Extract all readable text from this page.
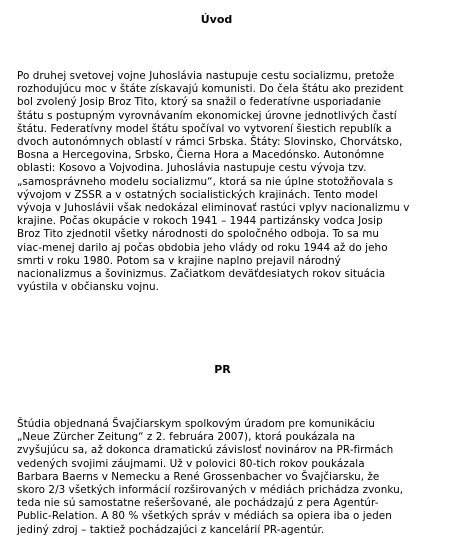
Úvod

Po druhej svetovej vojne Juhoslávia nastupuje cestu socializmu, pretože
rozhodujúcu moc v štáte získavajú komunisti. Do čela štátu ako prezident
bol zvolený Josip Broz Tito, ktorý sa snažil o federatívne usporiadanie
štátu s postupným vyrovnávaním ekonomickej úrovne jednotlivých častí
štátu. Federatívny model štátu spočíval vo vytvorení šiestich republík a
dvoch autonómnych oblastí v rámci Srbska. Štáty: Slovinsko, Chorvátsko,
Bosna a Hercegovina, Srbsko, Čierna Hora a Macedónsko. Autonómne
oblasti: Kosovo a Vojvodina. Juhoslávia nastupuje cestu vývoja tzv.
„samosprávneho modelu socializmu“, ktorá sa nie úplne stotožňovala s
vývojom v ZSSR a v ostatných socialistických krajinách. Tento model
vývoja v Juhoslávii však nedokázal eliminovať rastúci vplyv nacionalizmu v
krajine. Počas okupácie v rokoch 1941 – 1944 partizánsky vodca Josip
Broz Tito zjednotil všetky národnosti do spoločného odboja. To sa mu
viac-menej darilo aj počas obdobia jeho vlády od roku 1944 až do jeho
smrti v roku 1980. Potom sa v krajine naplno prejavil národný
nacionalizmus a šovinizmus. Začiatkom deväťdesiatych rokov situácia
vyústila v občiansku vojnu.

PR

Štúdia objednaná Švajčiarskym spolkovým úradom pre komunikáciu
„Neue Zürcher Zeitung“ z 2. februára 2007), ktorá poukázala na
zvyšujúcu sa, až dokonca dramatickú závislosť novinárov na PR-firmách
vedených svojimi záujmami. Už v polovici 80-tich rokov poukázala
Barbara Baerns v Nemecku a René Grossenbacher vo Švajčiarsku, že
skoro 2/3 všetkých informácií rozširovaných v médiách prichádza zvonku,
teda nie sú samostatne rešeršované, ale pochádzajú z pera Agentúr-
Public-Relation. A 80 % všetkých správ v médiách sa opiera iba o jeden
jediný zdroj – taktiež pochádzajúci z kancelárií PR-agentúr.
